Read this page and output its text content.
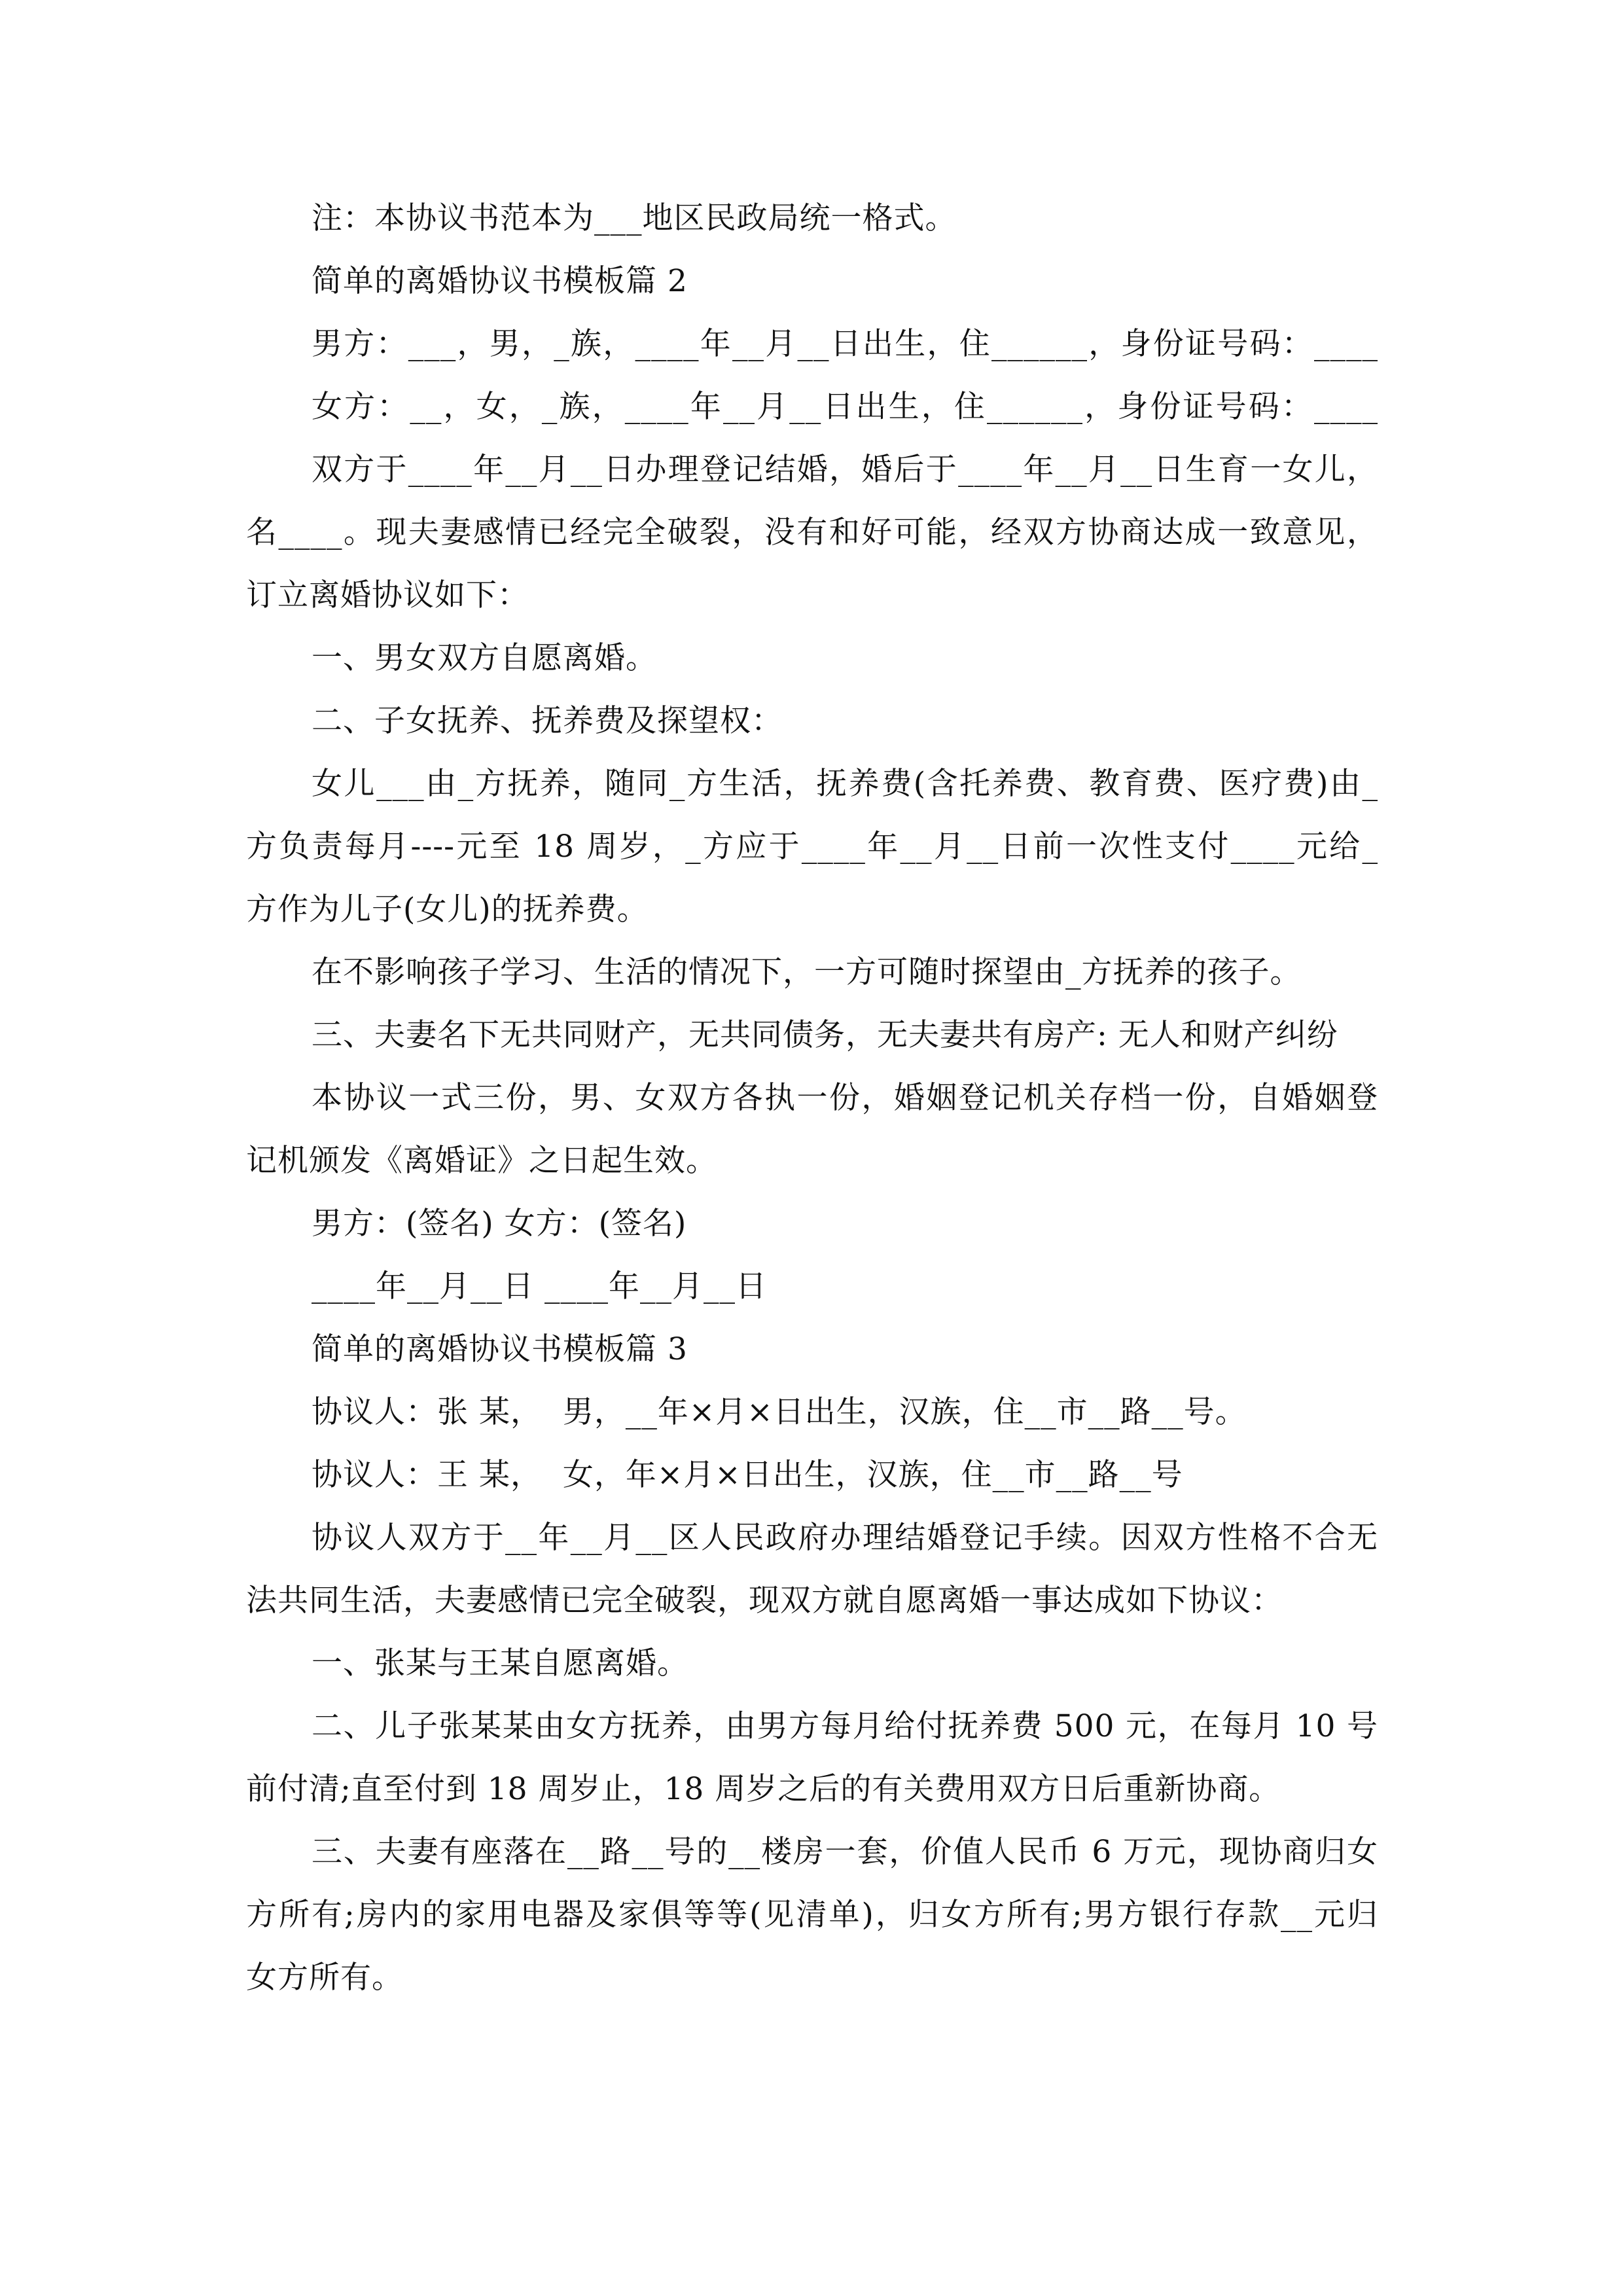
注：本协议书范本为___地区民政局统一格式。
简单的离婚协议书模板篇 2
男方：___，男，_族，____年__月__日出生，住______，身份证号码：____
女方：__，女，_族，____年__月__日出生，住______，身份证号码：____
双方于____年__月__日办理登记结婚，婚后于____年__月__日生育一女儿，
名____。现夫妻感情已经完全破裂，没有和好可能，经双方协商达成一致意见，
订立离婚协议如下：
一、男女双方自愿离婚。
二、子女抚养、抚养费及探望权：
女儿___由_方抚养，随同_方生活，抚养费(含托养费、教育费、医疗费)由_
方负责每月----元至 18 周岁，_方应于____年__月__日前一次性支付____元给_
方作为儿子(女儿)的抚养费。
在不影响孩子学习、生活的情况下，一方可随时探望由_方抚养的孩子。
三、夫妻名下无共同财产，无共同债务，无夫妻共有房产: 无人和财产纠纷
本协议一式三份，男、女双方各执一份，婚姻登记机关存档一份，自婚姻登
记机颁发《离婚证》之日起生效。
男方：(签名) 女方：(签名)
____年__月__日 ____年__月__日
简单的离婚协议书模板篇 3
协议人：张 某，  男，__年×月×日出生，汉族，住__市__路__号。
协议人：王 某，  女，年×月×日出生，汉族，住__市__路__号
协议人双方于__年__月__区人民政府办理结婚登记手续。因双方性格不合无
法共同生活，夫妻感情已完全破裂，现双方就自愿离婚一事达成如下协议：
一、张某与王某自愿离婚。
二、儿子张某某由女方抚养，由男方每月给付抚养费 500 元，在每月 10 号
前付清;直至付到 18 周岁止，18 周岁之后的有关费用双方日后重新协商。
三、夫妻有座落在__路__号的__楼房一套，价值人民币 6 万元，现协商归女
方所有;房内的家用电器及家俱等等(见清单)，归女方所有;男方银行存款__元归
女方所有。
